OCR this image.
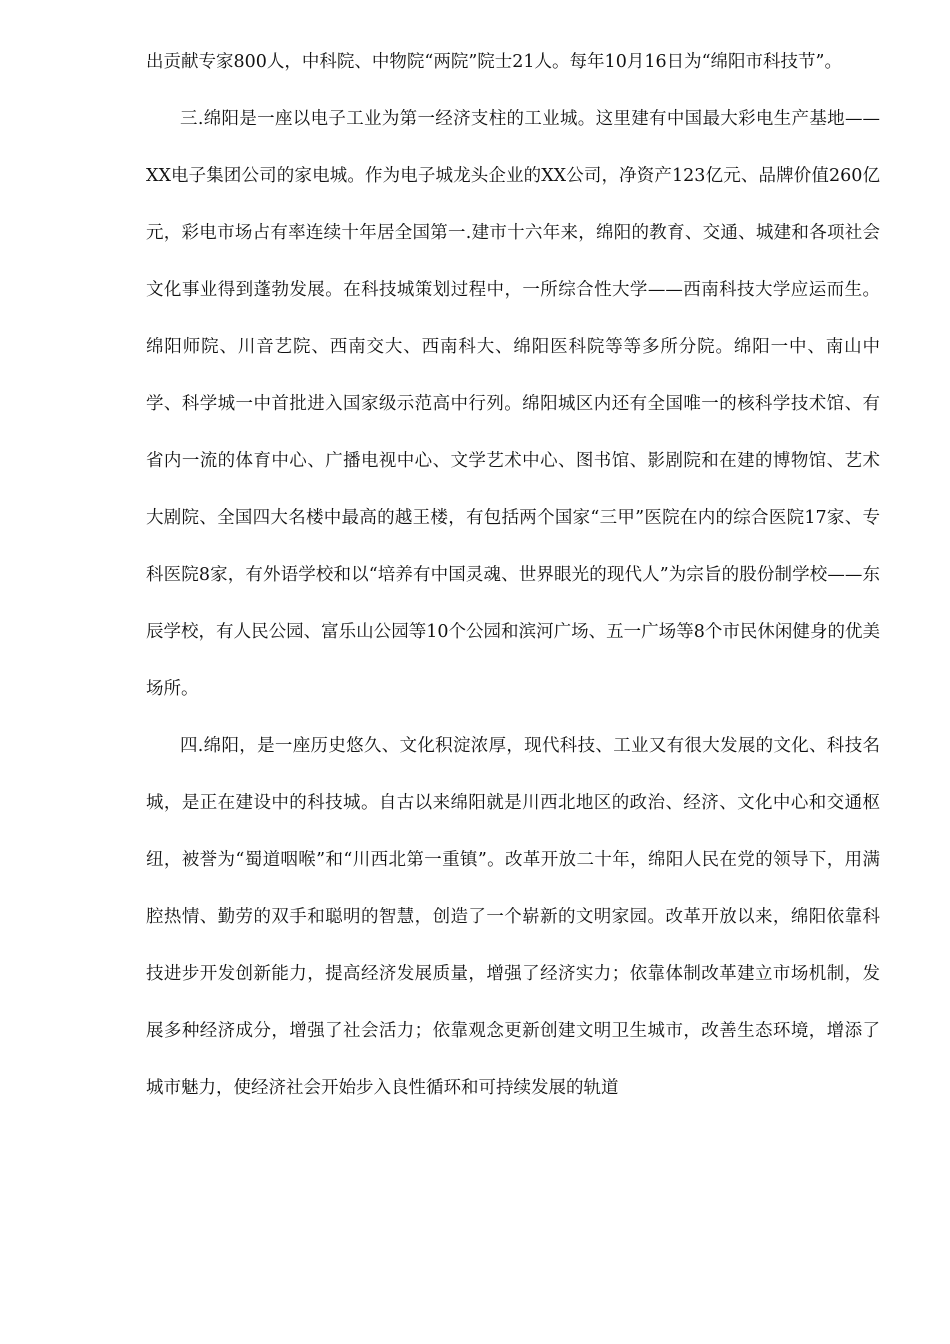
出贡献专家800人，中科院、中物院“两院”院士21人。每年10月16日为“绵阳市科技节”。

三.绵阳是一座以电子工业为第一经济支柱的工业城。这里建有中国最大彩电生产基地——XX电子集团公司的家电城。作为电子城龙头企业的XX公司，净资产123亿元、品牌价值260亿元，彩电市场占有率连续十年居全国第一.建市十六年来，绵阳的教育、交通、城建和各项社会文化事业得到蓬勃发展。在科技城策划过程中，一所综合性大学——西南科技大学应运而生。绵阳师院、川音艺院、西南交大、西南科大、绵阳医科院等等多所分院。绵阳一中、南山中学、科学城一中首批进入国家级示范高中行列。绵阳城区内还有全国唯一的核科学技术馆、有省内一流的体育中心、广播电视中心、文学艺术中心、图书馆、影剧院和在建的博物馆、艺术大剧院、全国四大名楼中最高的越王楼，有包括两个国家“三甲”医院在内的综合医院17家、专科医院8家，有外语学校和以“培养有中国灵魂、世界眼光的现代人”为宗旨的股份制学校——东辰学校，有人民公园、富乐山公园等10个公园和滨河广场、五一广场等8个市民休闲健身的优美场所。

四.绵阳，是一座历史悠久、文化积淀浓厚，现代科技、工业又有很大发展的文化、科技名城，是正在建设中的科技城。自古以来绵阳就是川西北地区的政治、经济、文化中心和交通枢纽，被誉为“蜀道咽喉”和“川西北第一重镇”。改革开放二十年，绵阳人民在党的领导下，用满腔热情、勤劳的双手和聪明的智慧，创造了一个崭新的文明家园。改革开放以来，绵阳依靠科技进步开发创新能力，提高经济发展质量，增强了经济实力；依靠体制改革建立市场机制，发展多种经济成分，增强了社会活力；依靠观念更新创建文明卫生城市，改善生态环境，增添了城市魅力，使经济社会开始步入良性循环和可持续发展的轨道
